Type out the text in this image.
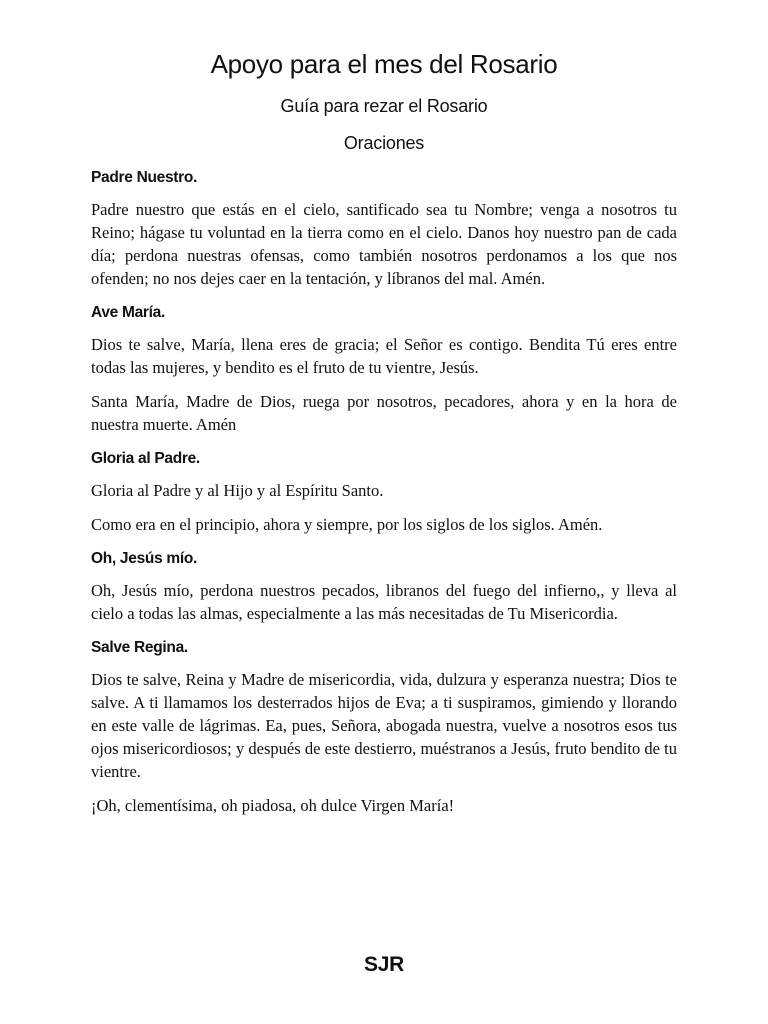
Apoyo para el mes del Rosario
Guía para rezar el Rosario
Oraciones

Padre Nuestro.

Padre nuestro que estás en el cielo, santificado sea tu Nombre; venga a nosotros tu Reino; hágase tu voluntad en la tierra como en el cielo. Danos hoy nuestro pan de cada día; perdona nuestras ofensas, como también nosotros perdonamos a los que nos ofenden; no nos dejes caer en la tentación, y líbranos del mal. Amén.

Ave María.

Dios te salve, María, llena eres de gracia; el Señor es contigo. Bendita Tú eres entre todas las mujeres, y bendito es el fruto de tu vientre, Jesús.

Santa María, Madre de Dios, ruega por nosotros, pecadores, ahora y en la hora de nuestra muerte. Amén

Gloria al Padre.

Gloria al Padre y al Hijo y al Espíritu Santo.

Como era en el principio, ahora y siempre, por los siglos de los siglos. Amén.

Oh, Jesús mío.

Oh, Jesús mío, perdona nuestros pecados, libranos del fuego del infierno,, y lleva al cielo a todas las almas, especialmente a las más necesitadas de Tu Misericordia.

Salve Regina.

Dios te salve, Reina y Madre de misericordia, vida, dulzura y esperanza nuestra; Dios te salve. A ti llamamos los desterrados hijos de Eva; a ti suspiramos, gimiendo y llorando en este valle de lágrimas. Ea, pues, Señora, abogada nuestra, vuelve a nosotros esos tus ojos misericordiosos; y después de este destierro, muéstranos a Jesús, fruto bendito de tu vientre.

¡Oh, clementísima, oh piadosa, oh dulce Virgen María!

SJR
